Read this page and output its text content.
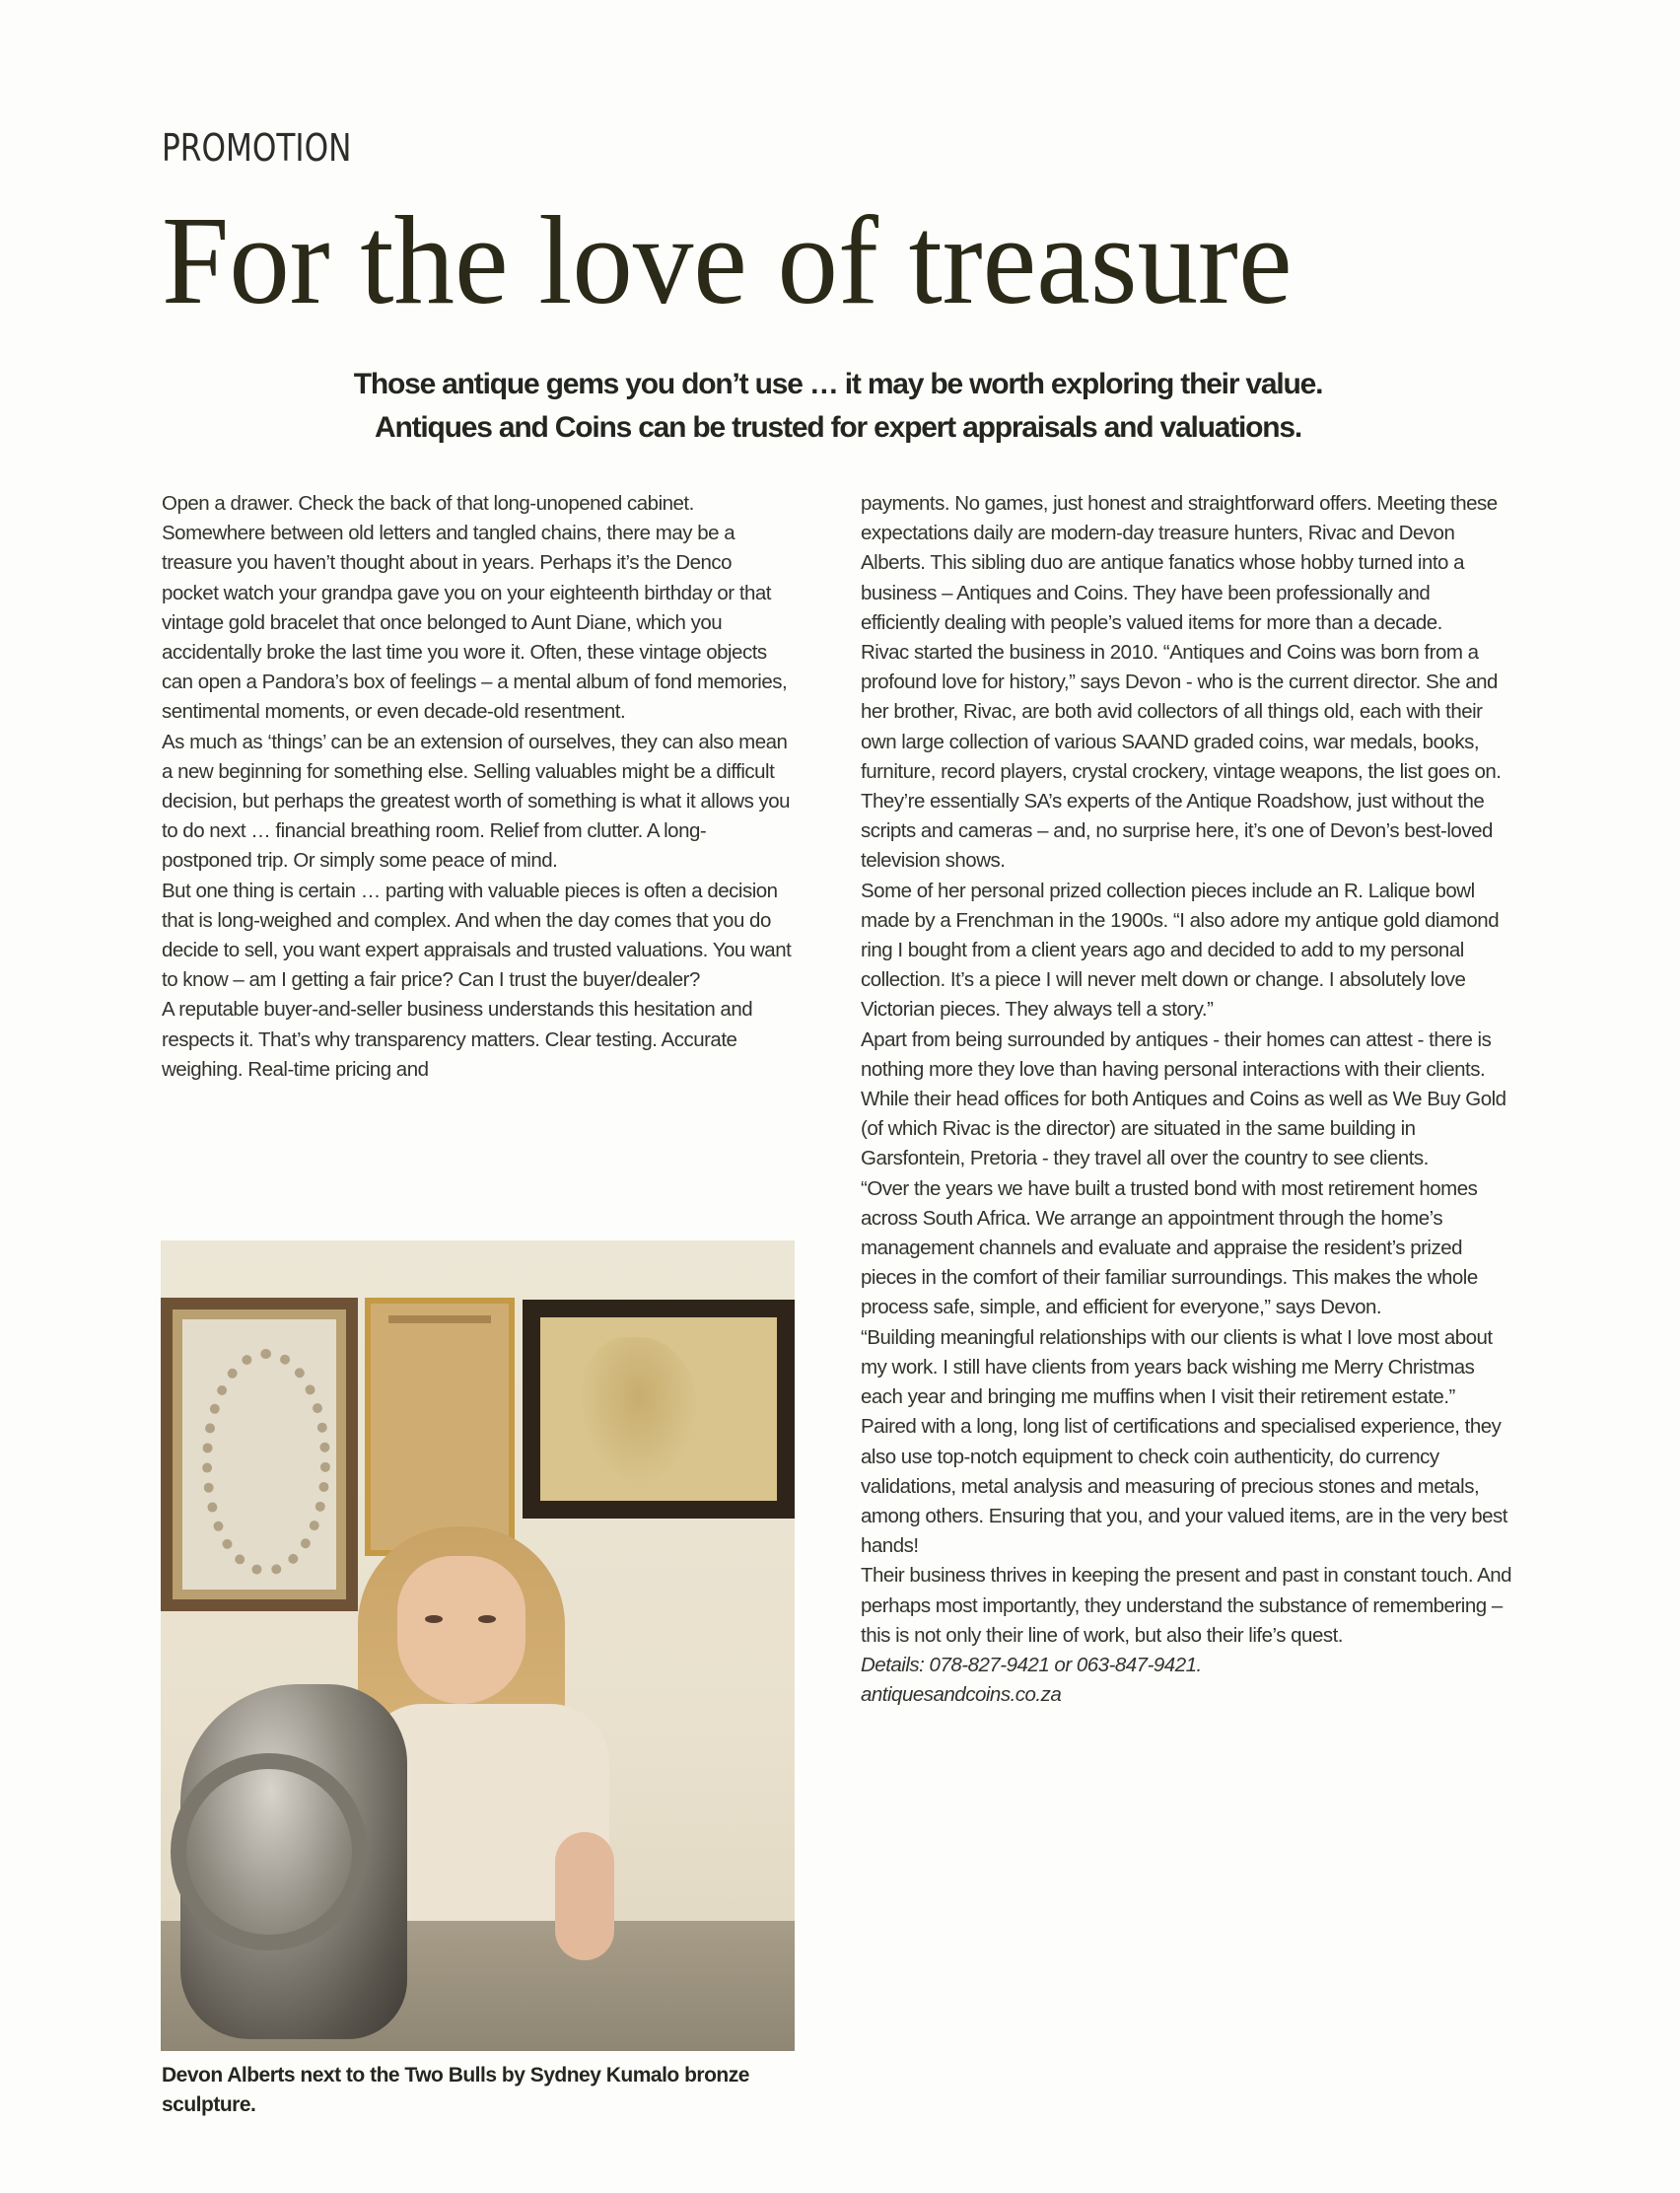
PROMOTION
For the love of treasure
Those antique gems you don’t use … it may be worth exploring their value.
Antiques and Coins can be trusted for expert appraisals and valuations.

Open a drawer. Check the back of that long-unopened cabinet. Somewhere between old letters and tangled chains, there may be a treasure you haven’t thought about in years. Perhaps it’s the Denco pocket watch your grandpa gave you on your eighteenth birthday or that vintage gold bracelet that once belonged to Aunt Diane, which you accidentally broke the last time you wore it. Often, these vintage objects can open a Pandora’s box of feelings – a mental album of fond memories, sentimental moments, or even decade-old resentment.

As much as ‘things’ can be an extension of ourselves, they can also mean a new beginning for something else. Selling valuables might be a difficult decision, but perhaps the greatest worth of something is what it allows you to do next … financial breathing room. Relief from clutter. A long-postponed trip. Or simply some peace of mind.

But one thing is certain … parting with valuable pieces is often a decision that is long-weighed and complex. And when the day comes that you do decide to sell, you want expert appraisals and trusted valuations. You want to know – am I getting a fair price? Can I trust the buyer/dealer?

A reputable buyer-and-seller business understands this hesitation and respects it. That’s why transparency matters. Clear testing. Accurate weighing. Real-time pricing and

Devon Alberts next to the Two Bulls by Sydney Kumalo bronze sculpture.

payments. No games, just honest and straightforward offers. Meeting these expectations daily are modern-day treasure hunters, Rivac and Devon Alberts. This sibling duo are antique fanatics whose hobby turned into a business – Antiques and Coins. They have been professionally and efficiently dealing with people’s valued items for more than a decade.

Rivac started the business in 2010. “Antiques and Coins was born from a profound love for history,” says Devon - who is the current director. She and her brother, Rivac, are both avid collectors of all things old, each with their own large collection of various SAAND graded coins, war medals, books, furniture, record players, crystal crockery, vintage weapons, the list goes on. They’re essentially SA’s experts of the Antique Roadshow, just without the scripts and cameras – and, no surprise here, it’s one of Devon’s best-loved television shows.

Some of her personal prized collection pieces include an R. Lalique bowl made by a Frenchman in the 1900s. “I also adore my antique gold diamond ring I bought from a client years ago and decided to add to my personal collection. It’s a piece I will never melt down or change. I absolutely love Victorian pieces. They always tell a story.”

Apart from being surrounded by antiques - their homes can attest - there is nothing more they love than having personal interactions with their clients. While their head offices for both Antiques and Coins as well as We Buy Gold (of which Rivac is the director) are situated in the same building in Garsfontein, Pretoria - they travel all over the country to see clients.

“Over the years we have built a trusted bond with most retirement homes across South Africa. We arrange an appointment through the home’s management channels and evaluate and appraise the resident’s prized pieces in the comfort of their familiar surroundings. This makes the whole process safe, simple, and efficient for everyone,” says Devon.

“Building meaningful relationships with our clients is what I love most about my work. I still have clients from years back wishing me Merry Christmas each year and bringing me muffins when I visit their retirement estate.”

Paired with a long, long list of certifications and specialised experience, they also use top-notch equipment to check coin authenticity, do currency validations, metal analysis and measuring of precious stones and metals, among others. Ensuring that you, and your valued items, are in the very best hands!

Their business thrives in keeping the present and past in constant touch. And perhaps most importantly, they understand the substance of remembering – this is not only their line of work, but also their life’s quest.

Details: 078-827-9421 or 063-847-9421.

antiquesandcoins.co.za
